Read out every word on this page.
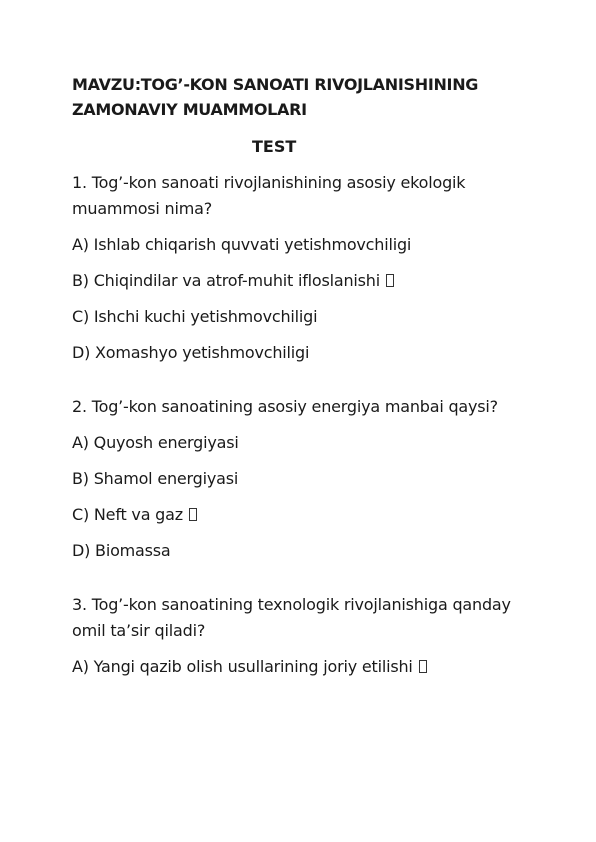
MAVZU:TOG’-KON SANOATI RIVOJLANISHINING ZAMONAVIY MUAMMOLARI

TEST

1. Tog’-kon sanoati rivojlanishining asosiy ekologik muammosi nima?

A) Ishlab chiqarish quvvati yetishmovchiligi

B) Chiqindilar va atrof-muhit ifloslanishi

C) Ishchi kuchi yetishmovchiligi

D) Xomashyo yetishmovchiligi

2. Tog’-kon sanoatining asosiy energiya manbai qaysi?

A) Quyosh energiyasi

B) Shamol energiyasi

C) Neft va gaz

D) Biomassa

3. Tog’-kon sanoatining texnologik rivojlanishiga qanday omil ta’sir qiladi?

A) Yangi qazib olish usullarining joriy etilishi
